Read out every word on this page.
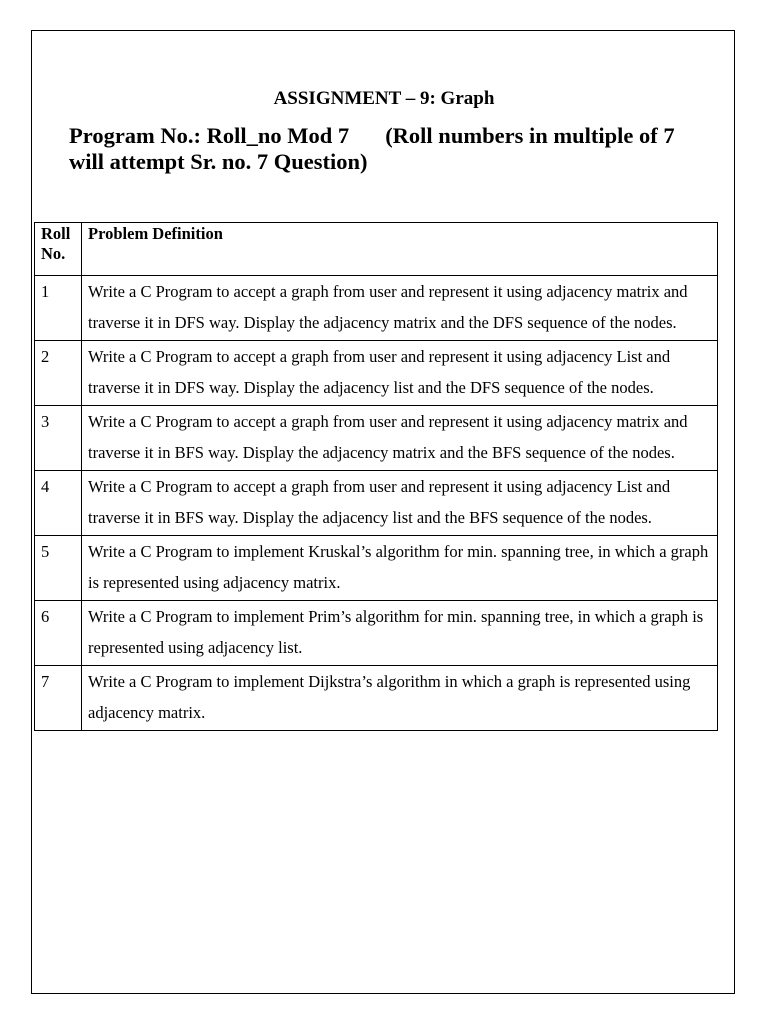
ASSIGNMENT – 9: Graph
Program No.: Roll_no Mod 7 (Roll numbers in multiple of 7
will attempt Sr. no. 7 Question)
Roll No.	Problem Definition
1	Write a C Program to accept a graph from user and represent it using adjacency matrix and traverse it in DFS way. Display the adjacency matrix and the DFS sequence of the nodes.
2	Write a C Program to accept a graph from user and represent it using adjacency List and traverse it in DFS way. Display the adjacency list and the DFS sequence of the nodes.
3	Write a C Program to accept a graph from user and represent it using adjacency matrix and traverse it in BFS way. Display the adjacency matrix and the BFS sequence of the nodes.
4	Write a C Program to accept a graph from user and represent it using adjacency List and traverse it in BFS way. Display the adjacency list and the BFS sequence of the nodes.
5	Write a C Program to implement Kruskal’s algorithm for min. spanning tree, in which a graph is represented using adjacency matrix.
6	Write a C Program to implement Prim’s algorithm for min. spanning tree, in which a graph is represented using adjacency list.
7	Write a C Program to implement Dijkstra’s algorithm in which a graph is represented using adjacency matrix.
